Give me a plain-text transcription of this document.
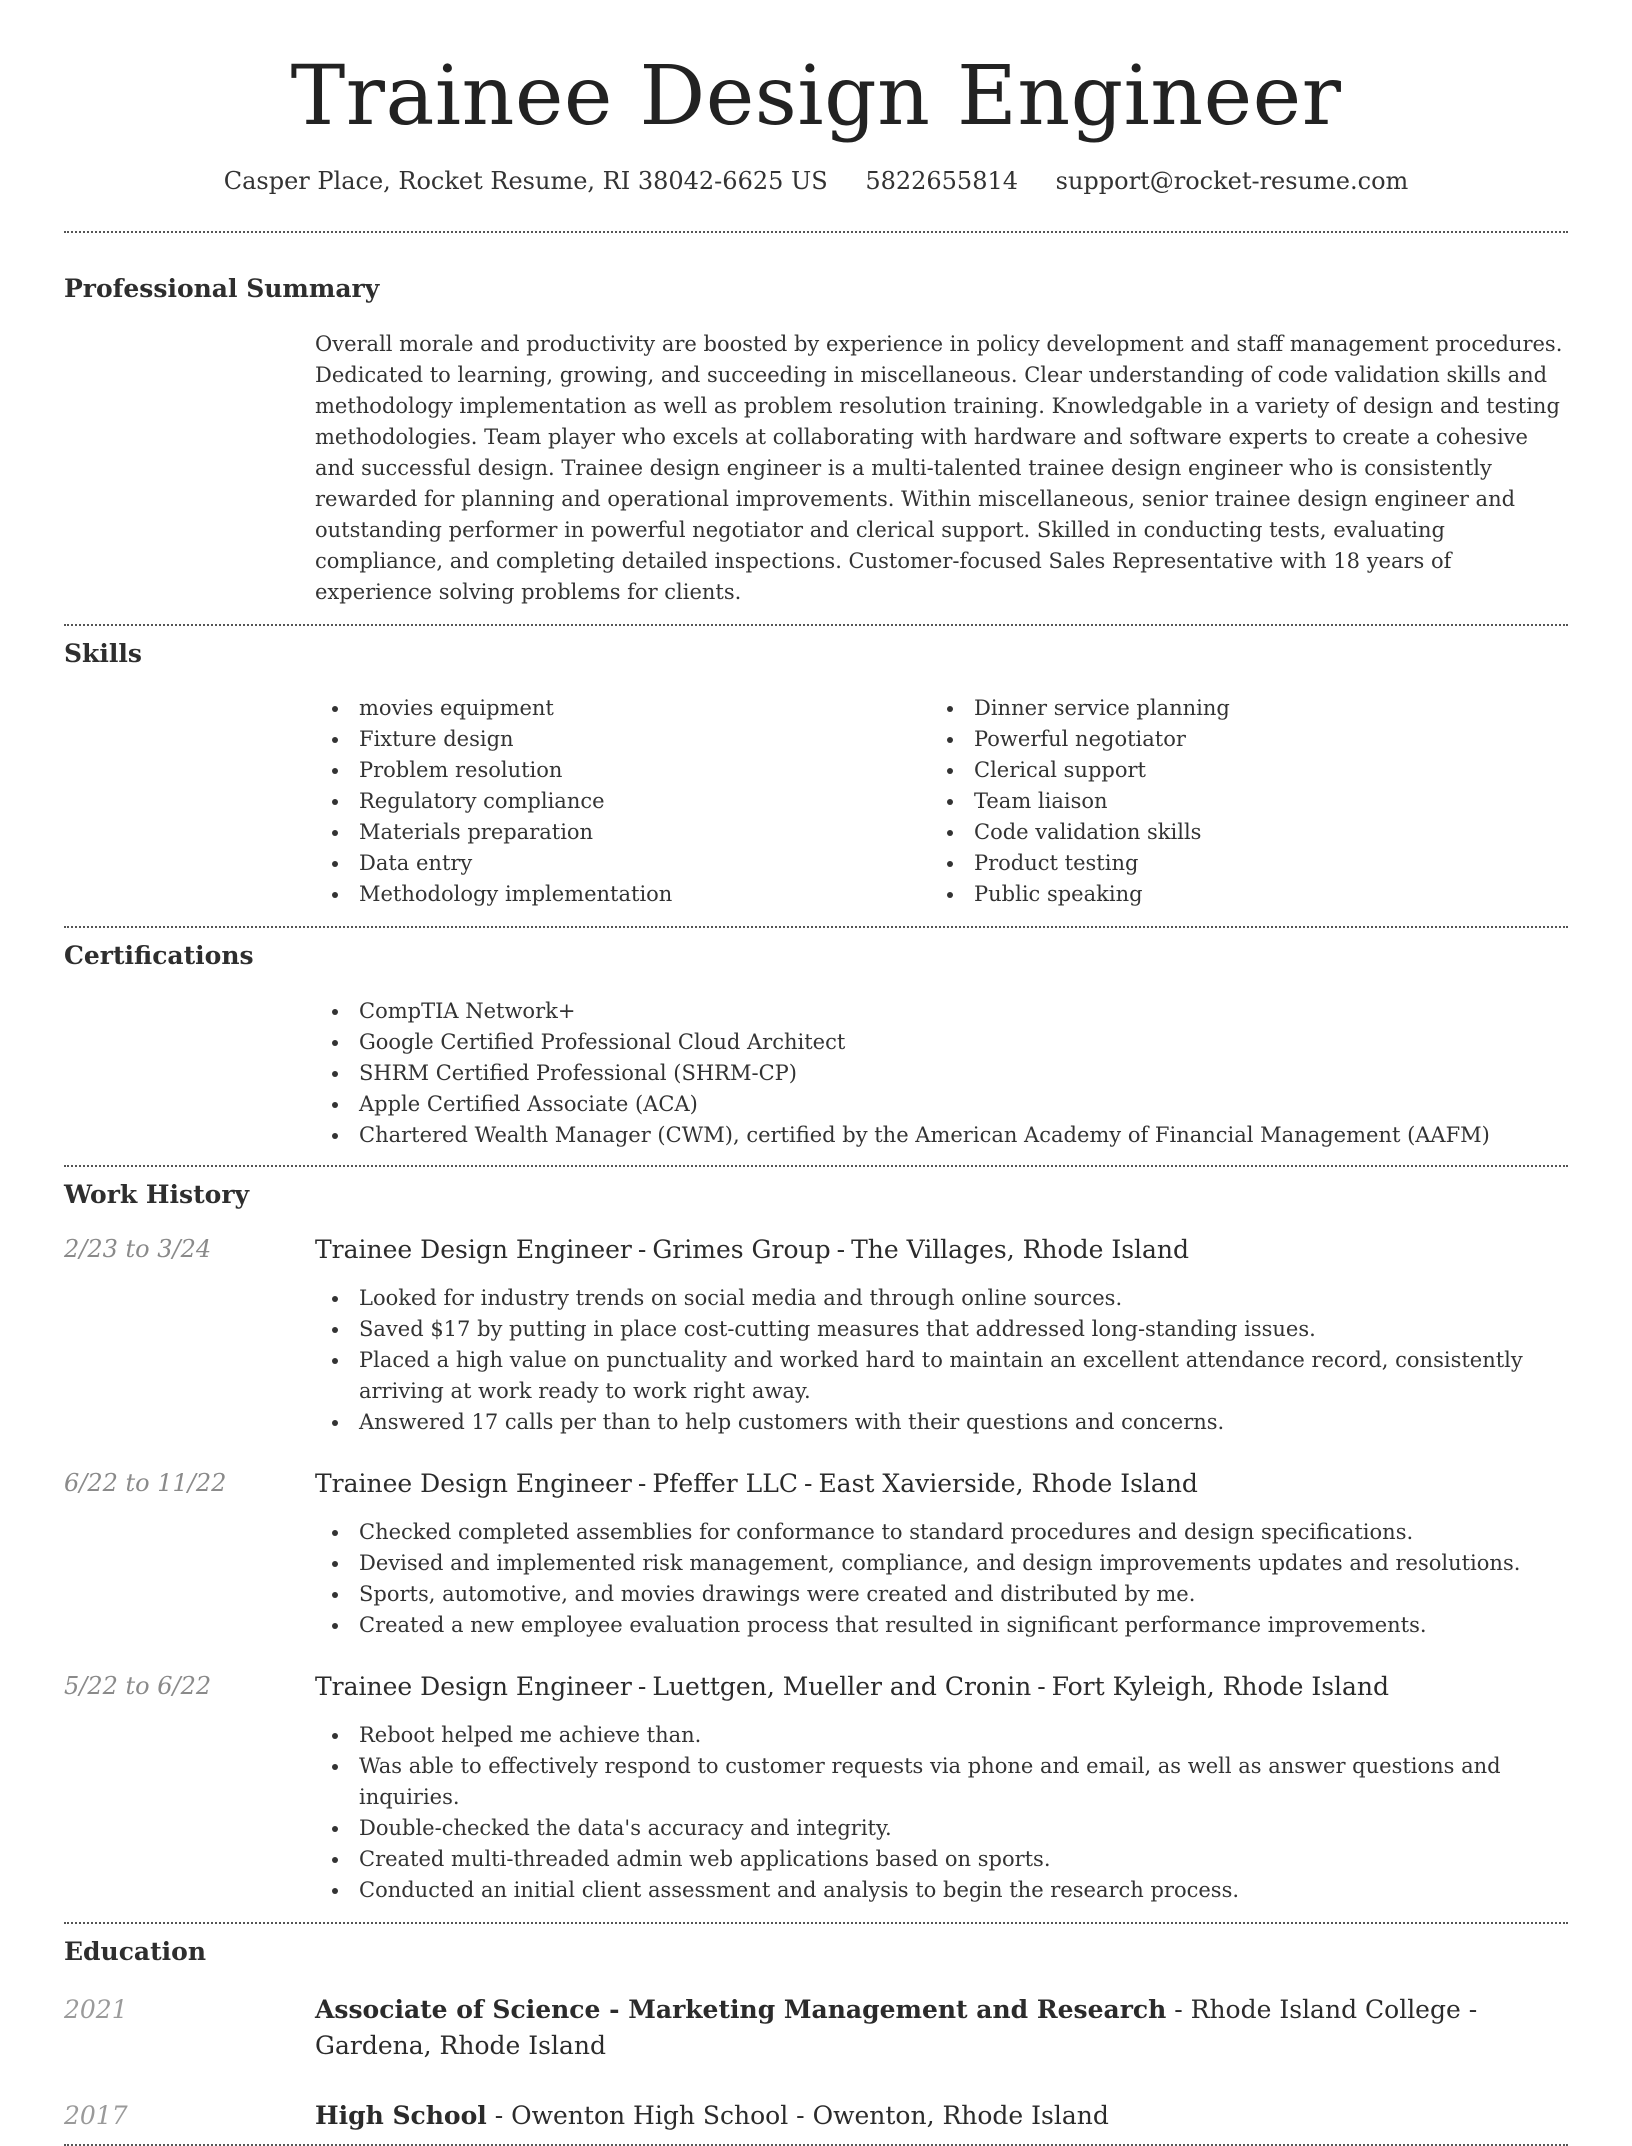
Trainee Design Engineer
Casper Place, Rocket Resume, RI 38042-6625 US 5822655814 support@rocket-resume.com
Professional Summary

Overall morale and productivity are boosted by experience in policy development and staff management procedures. Dedicated to learning, growing, and succeeding in miscellaneous. Clear understanding of code validation skills and methodology implementation as well as problem resolution training. Knowledgable in a variety of design and testing methodologies. Team player who excels at collaborating with hardware and software experts to create a cohesive and successful design. Trainee design engineer is a multi-talented trainee design engineer who is consistently rewarded for planning and operational improvements. Within miscellaneous, senior trainee design engineer and outstanding performer in powerful negotiator and clerical support. Skilled in conducting tests, evaluating compliance, and completing detailed inspections. Customer-focused Sales Representative with 18 years of experience solving problems for clients.

Skills
movies equipment
Fixture design
Problem resolution
Regulatory compliance
Materials preparation
Data entry
Methodology implementation
Dinner service planning
Powerful negotiator
Clerical support
Team liaison
Code validation skills
Product testing
Public speaking
Certifications
CompTIA Network+
Google Certified Professional Cloud Architect
SHRM Certified Professional (SHRM-CP)
Apple Certified Associate (ACA)
Chartered Wealth Manager (CWM), certified by the American Academy of Financial Management (AAFM)
Work History
2/23 to 3/24	Trainee Design Engineer - Grimes Group - The Villages, Rhode Island
Looked for industry trends on social media and through online sources.
Saved $17 by putting in place cost-cutting measures that addressed long-standing issues.
Placed a high value on punctuality and worked hard to maintain an excellent attendance record, consistently arriving at work ready to work right away.
Answered 17 calls per than to help customers with their questions and concerns.
6/22 to 11/22	Trainee Design Engineer - Pfeffer LLC - East Xavierside, Rhode Island
Checked completed assemblies for conformance to standard procedures and design specifications.
Devised and implemented risk management, compliance, and design improvements updates and resolutions.
Sports, automotive, and movies drawings were created and distributed by me.
Created a new employee evaluation process that resulted in significant performance improvements.
5/22 to 6/22	Trainee Design Engineer - Luettgen, Mueller and Cronin - Fort Kyleigh, Rhode Island
Reboot helped me achieve than.
Was able to effectively respond to customer requests via phone and email, as well as answer questions and inquiries.
Double-checked the data's accuracy and integrity.
Created multi-threaded admin web applications based on sports.
Conducted an initial client assessment and analysis to begin the research process.
Education
2021	Associate of Science - Marketing Management and Research - Rhode Island College - Gardena, Rhode Island
2017	High School - Owenton High School - Owenton, Rhode Island
